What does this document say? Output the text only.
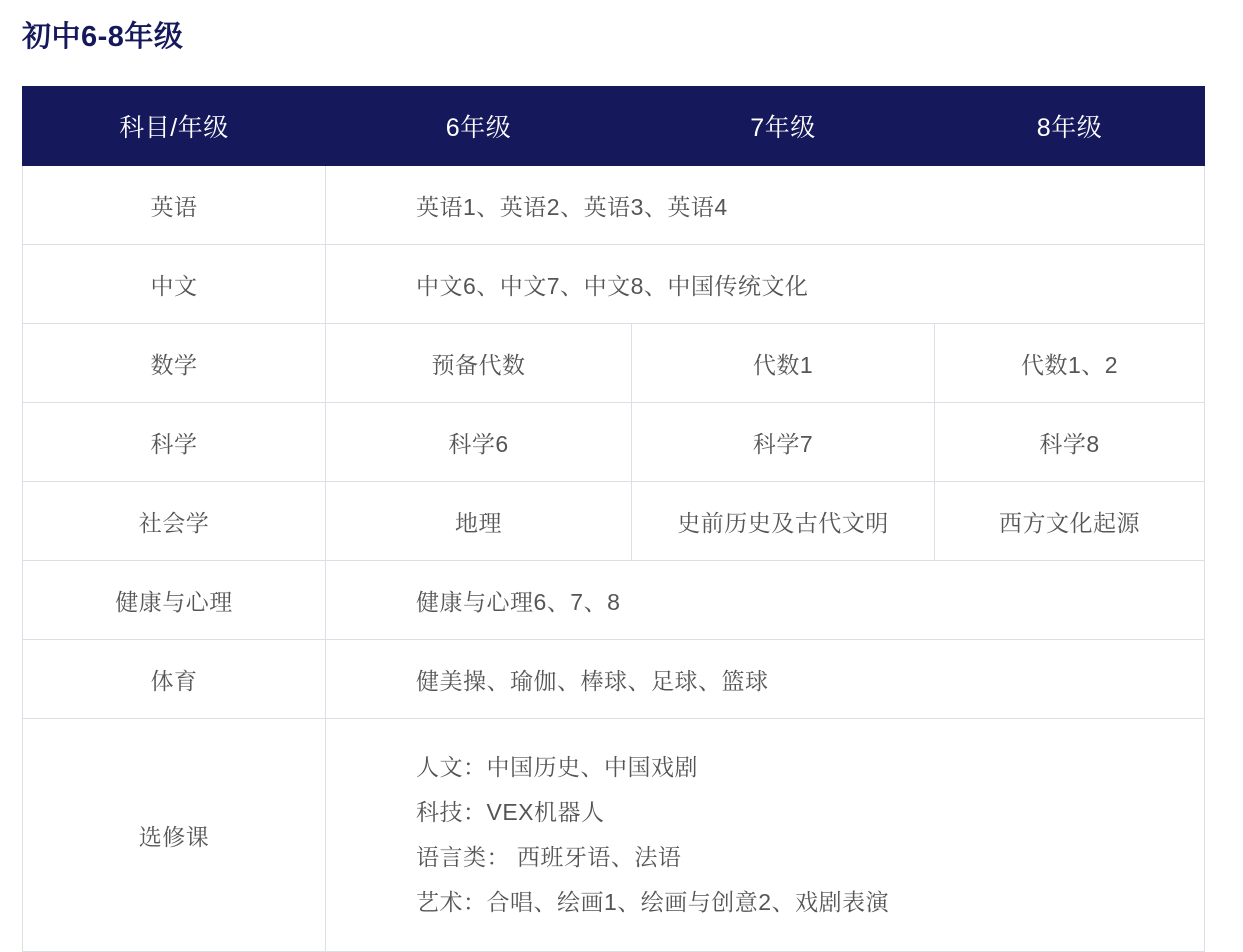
初中6-8年级
科目/年级	6年级	7年级	8年级
英语	英语1、英语2、英语3、英语4		
中文	中文6、中文7、中文8、中国传统文化		
数学	预备代数	代数1	代数1、2
科学	科学6	科学7	科学8
社会学	地理	史前历史及古代文明	西方文化起源
健康与心理	健康与心理6、7、8		
体育	健美操、瑜伽、棒球、足球、篮球		
选修课	人文：中国历史、中国戏剧
科技：VEX机器人
语言类： 西班牙语、法语
艺术：合唱、绘画1、绘画与创意2、戏剧表演		
